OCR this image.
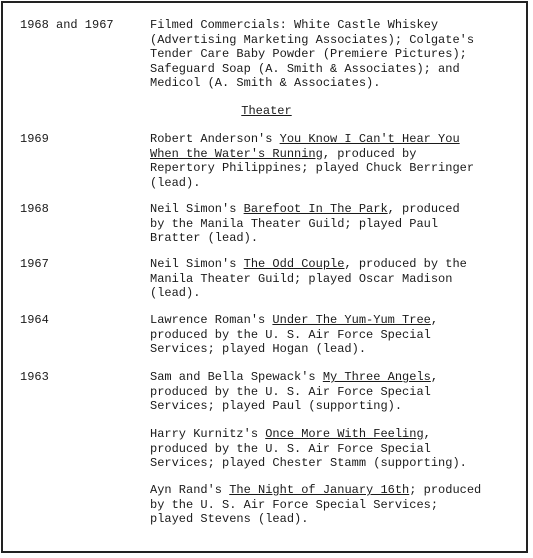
1968 and 1967	Filmed Commercials: White Castle Whiskey
(Advertising Marketing Associates); Colgate's
Tender Care Baby Powder (Premiere Pictures);
Safeguard Soap (A. Smith & Associates); and
Medicol (A. Smith & Associates).
Theater
1969	Robert Anderson's You Know I Can't Hear You
When the Water's Running, produced by
Repertory Philippines; played Chuck Berringer
(lead).
1968	Neil Simon's Barefoot In The Park, produced
by the Manila Theater Guild; played Paul
Bratter (lead).
1967	Neil Simon's The Odd Couple, produced by the
Manila Theater Guild; played Oscar Madison
(lead).
1964	Lawrence Roman's Under The Yum-Yum Tree,
produced by the U. S. Air Force Special
Services; played Hogan (lead).
1963	Sam and Bella Spewack's My Three Angels,
produced by the U. S. Air Force Special
Services; played Paul (supporting).
Harry Kurnitz's Once More With Feeling,
produced by the U. S. Air Force Special
Services; played Chester Stamm (supporting).
Ayn Rand's The Night of January 16th; produced
by the U. S. Air Force Special Services;
played Stevens (lead).
